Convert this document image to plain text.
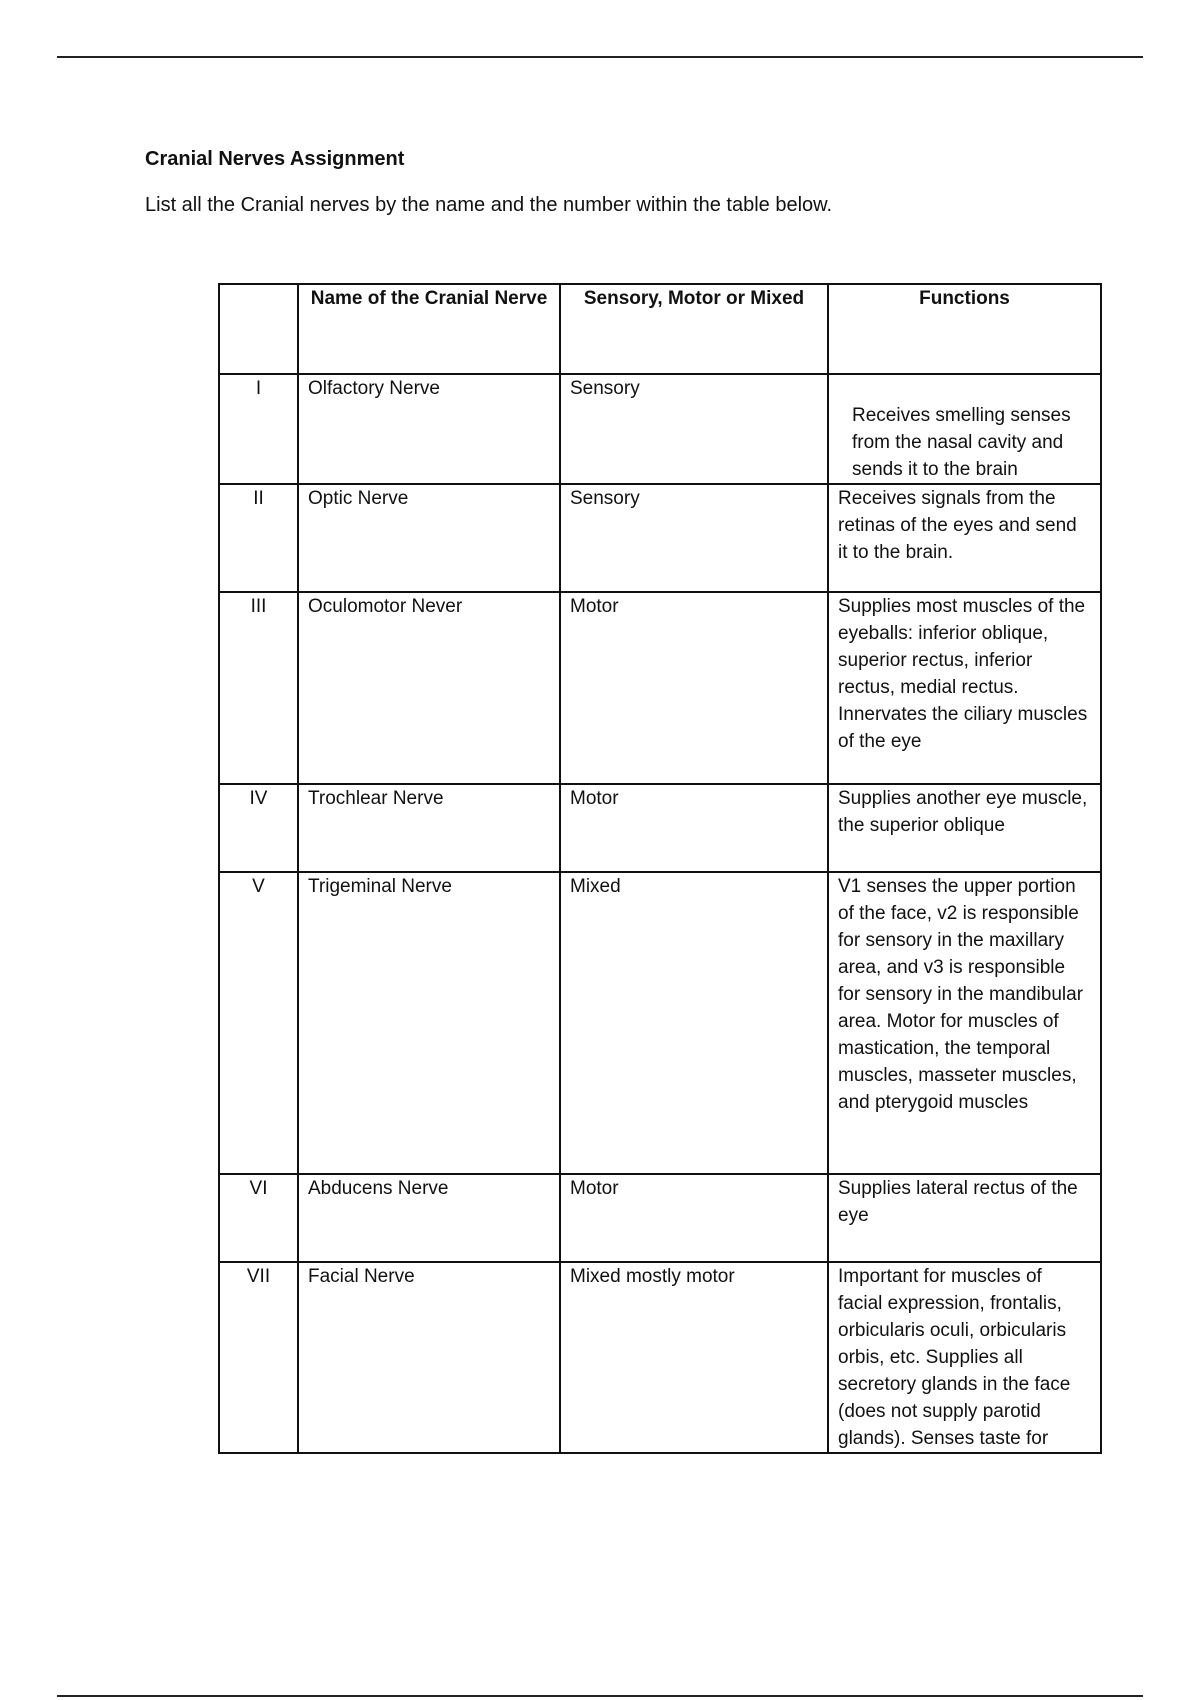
Cranial Nerves Assignment

List all the Cranial nerves by the name and the number within the table below.

	Name of the Cranial Nerve	Sensory, Motor or Mixed	Functions
I	Olfactory Nerve	Sensory	Receives smelling senses from the nasal cavity and sends it to the brain

II	Optic Nerve	Sensory	Receives signals from the retinas of the eyes and send it to the brain.
III	Oculomotor Never	Motor	Supplies most muscles of the eyeballs: inferior oblique, superior rectus, inferior rectus, medial rectus. Innervates the ciliary muscles of the eye
IV	Trochlear Nerve	Motor	Supplies another eye muscle, the superior oblique
V	Trigeminal Nerve	Mixed	V1 senses the upper portion of the face, v2 is responsible for sensory in the maxillary area, and v3 is responsible for sensory in the mandibular area. Motor for muscles of mastication, the temporal muscles, masseter muscles, and pterygoid muscles
VI	Abducens Nerve	Motor	Supplies lateral rectus of the eye
VII	Facial Nerve	Mixed mostly motor	Important for muscles of facial expression, frontalis, orbicularis oculi, orbicularis orbis, etc. Supplies all secretory glands in the face (does not supply parotid glands). Senses taste for
